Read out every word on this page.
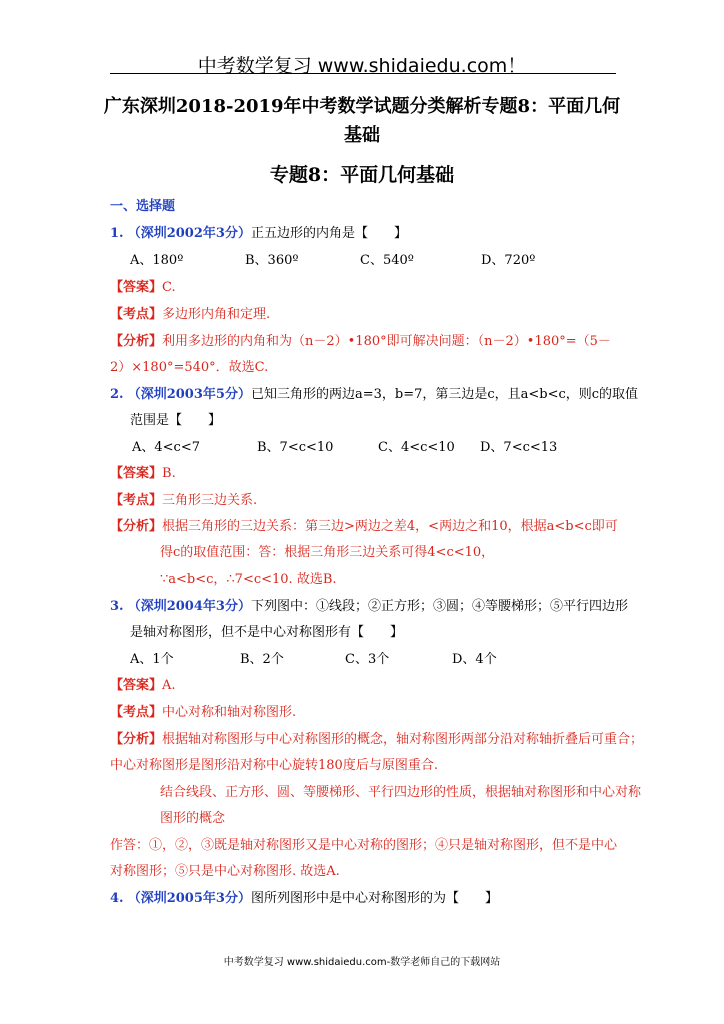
中考数学复习 www.shidaiedu.com！
广东深圳2018-2019年中考数学试题分类解析专题8：平面几何
基础
专题8：平面几何基础
一、选择题
1. （深圳2002年3分）正五边形的内角是【　　】
A、180º	B、360º	C、540º	D、720º
【答案】C.
【考点】多边形内角和定理.
【分析】利用多边形的内角和为（n－2）•180°即可解决问题：（n－2）•180°=（5－
2）×180°=540°．故选C.
2. （深圳2003年5分）已知三角形的两边a=3，b=7，第三边是c，且a<b<c，则c的取值
范围是【　　】
A、4<c<7	B、7<c<10	C、4<c<10 D、7<c<13
【答案】B.
【考点】三角形三边关系.
【分析】根据三角形的三边关系：第三边>两边之差4，<两边之和10，根据a<b<c即可
得c的取值范围：答：根据三角形三边关系可得4<c<10，
∵a<b<c，∴7<c<10. 故选B.
3. （深圳2004年3分）下列图中：①线段；②正方形；③圆；④等腰梯形；⑤平行四边形
是轴对称图形，但不是中心对称图形有【　　】
A、1个	B、2个	C、3个	D、4个
【答案】A.
【考点】中心对称和轴对称图形.
【分析】根据轴对称图形与中心对称图形的概念，轴对称图形两部分沿对称轴折叠后可重合；
中心对称图形是图形沿对称中心旋转180度后与原图重合.
结合线段、正方形、圆、等腰梯形、平行四边形的性质，根据轴对称图形和中心对称
图形的概念
作答：①，②，③既是轴对称图形又是中心对称的图形；④只是轴对称图形，但不是中心
对称图形；⑤只是中心对称图形. 故选A.
4. （深圳2005年3分）图所列图形中是中心对称图形的为【　　】
中考数学复习 www.shidaiedu.com-数学老师自己的下载网站
